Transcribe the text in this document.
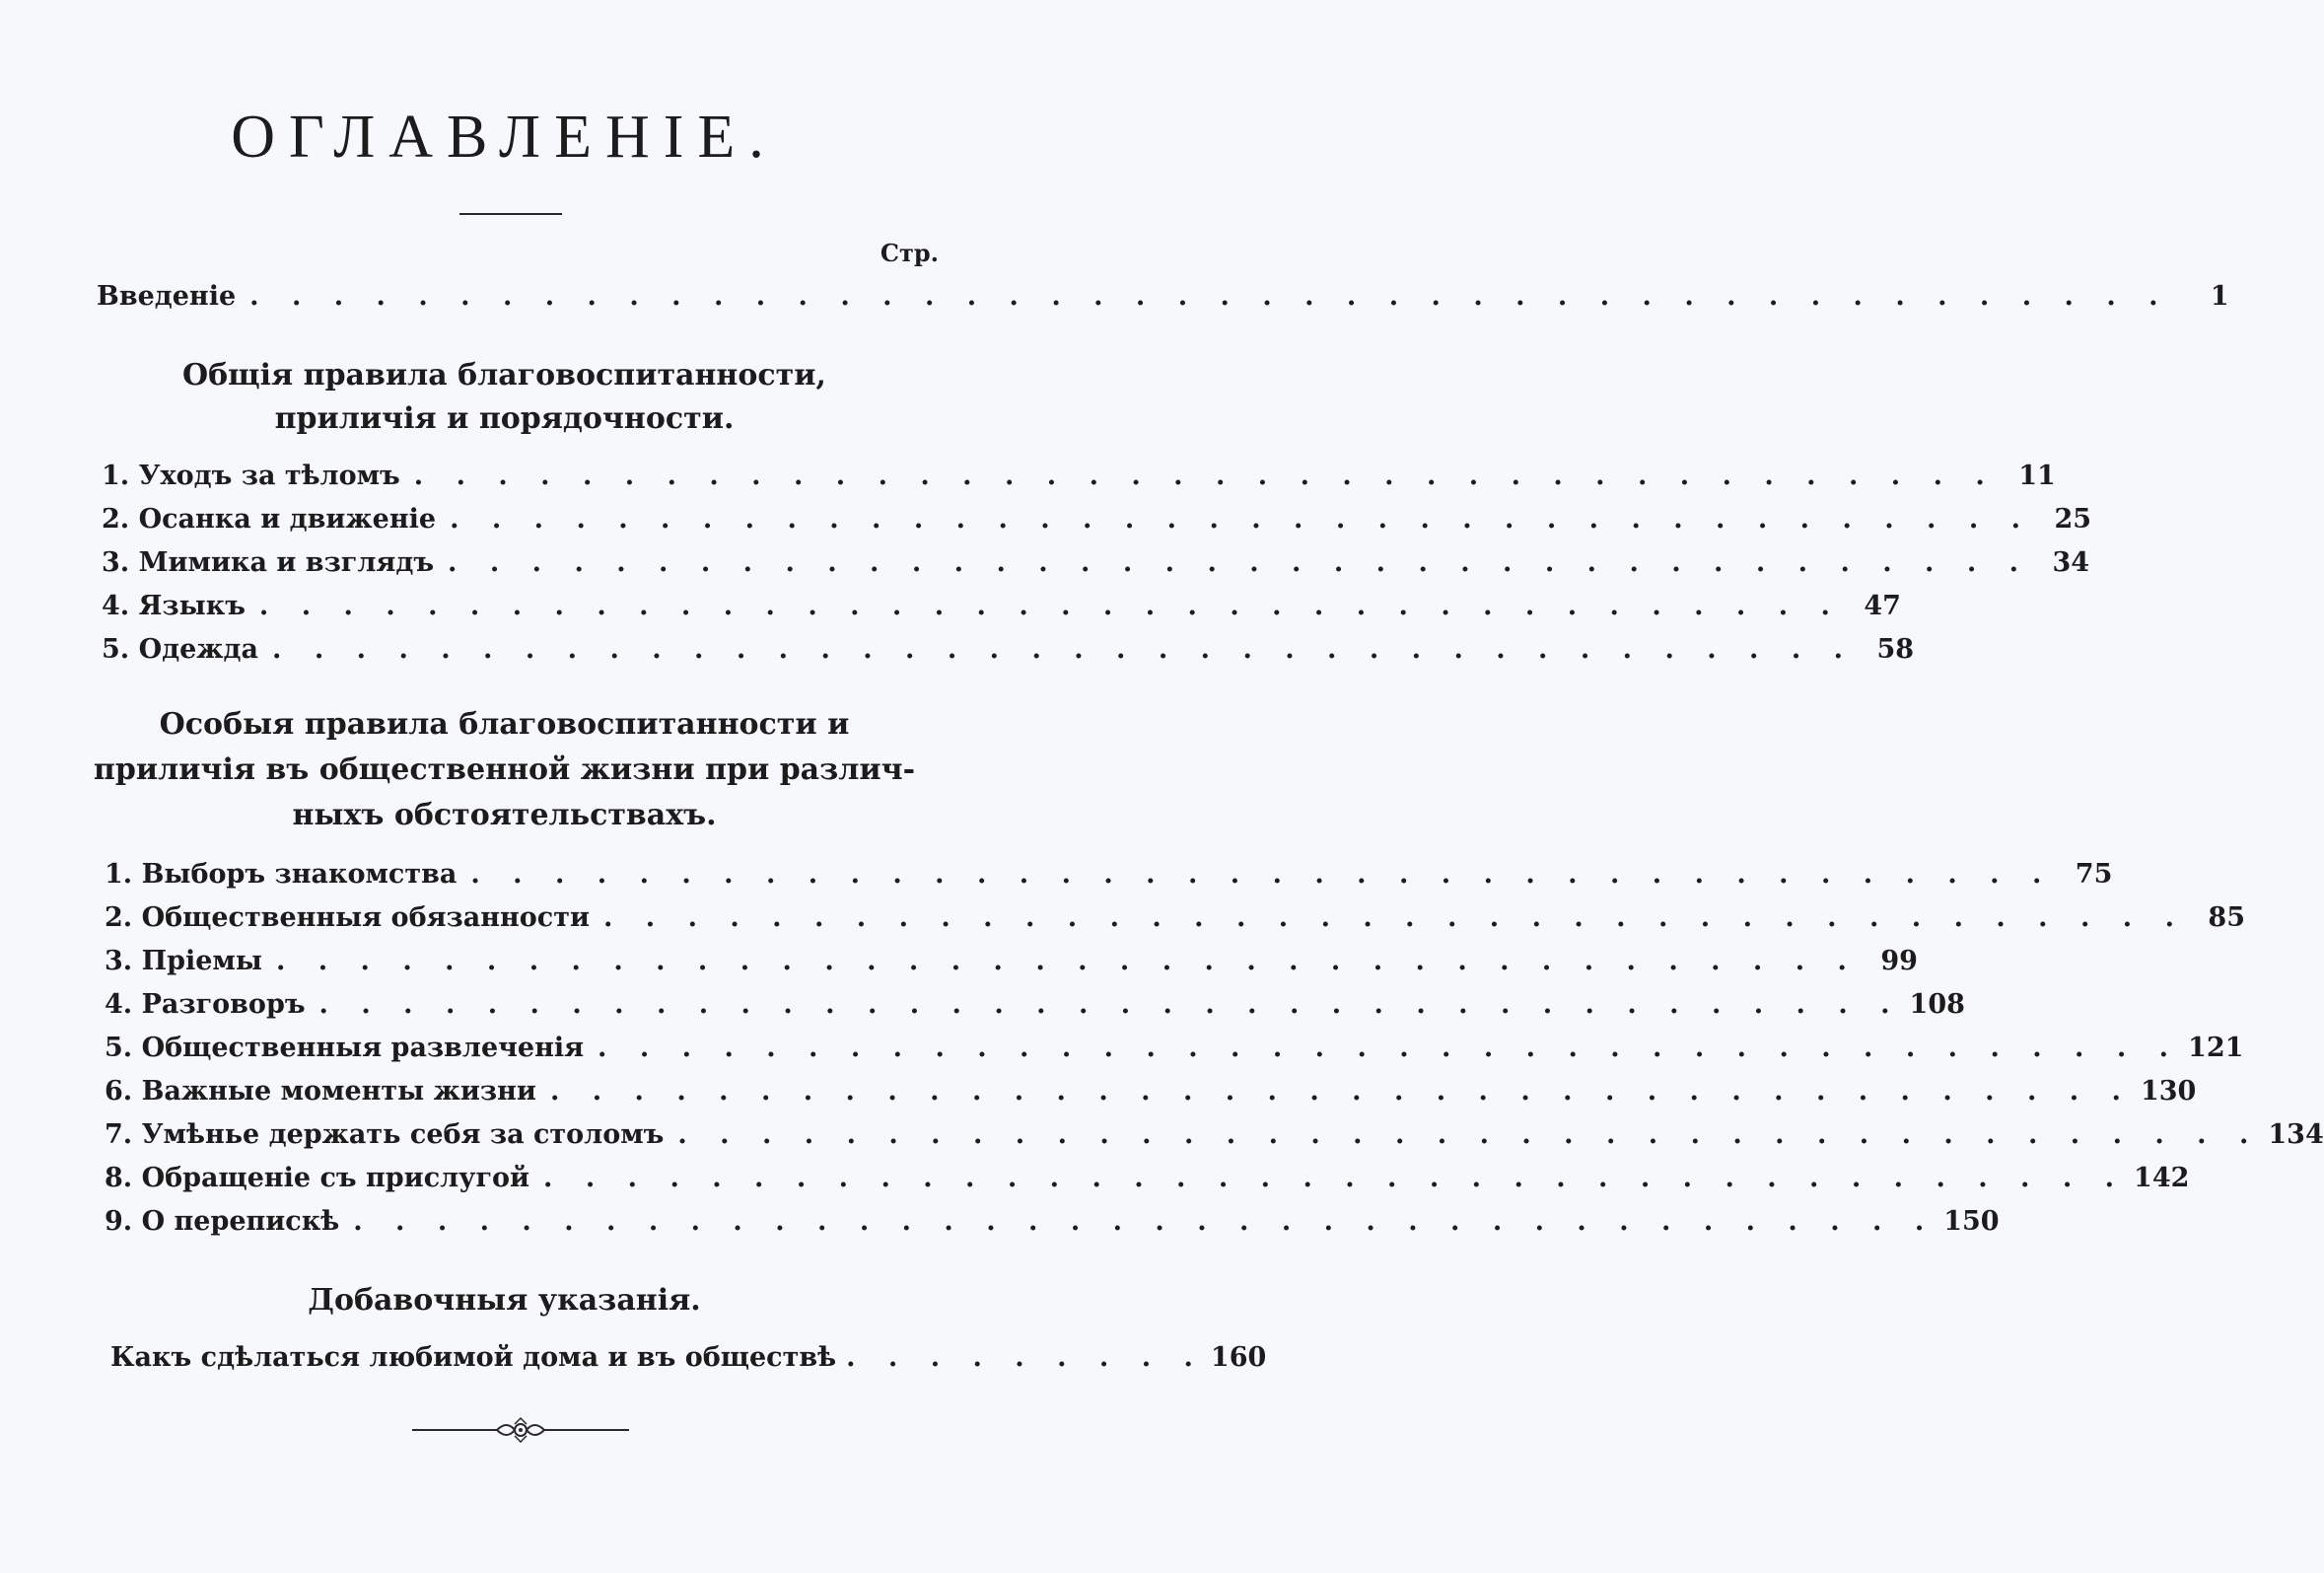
ОГЛАВЛЕНІЕ.
Стр.
Введеніе . . . . . . . . . . . . . . . . . . . . . . . . . . . . . . . . . . . . . . . . . . . . . .	1
Общія правила благовоспитанности,
приличія и порядочности.
1.
Уходъ за тѣломъ . . . . . . . . . . . . . . . . . . . . . . . . . . . . . . . . . . . . . . 11
2.
Осанка и движеніе . . . . . . . . . . . . . . . . . . . . . . . . . . . . . . . . . . . . . . 25
3.
Мимика и взглядъ . . . . . . . . . . . . . . . . . . . . . . . . . . . . . . . . . . . . . . 34
4.
Языкъ . . . . . . . . . . . . . . . . . . . . . . . . . . . . . . . . . . . . . . 47
5.
Одежда . . . . . . . . . . . . . . . . . . . . . . . . . . . . . . . . . . . . . . 58
Особыя правила благовоспитанности и
приличія въ общественной жизни при различ-
ныхъ обстоятельствахъ.
1.
Выборъ знакомства . . . . . . . . . . . . . . . . . . . . . . . . . . . . . . . . . . . . . . 75
2.
Общественныя обязанности . . . . . . . . . . . . . . . . . . . . . . . . . . . . . . . . . . . . . . 85
3.
Пріемы . . . . . . . . . . . . . . . . . . . . . . . . . . . . . . . . . . . . . . 99
4.
Разговоръ . . . . . . . . . . . . . . . . . . . . . . . . . . . . . . . . . . . . . . 108
5.
Общественныя развлеченія . . . . . . . . . . . . . . . . . . . . . . . . . . . . . . . . . . . . . . 121
6.
Важные моменты жизни . . . . . . . . . . . . . . . . . . . . . . . . . . . . . . . . . . . . . . 130
7.
Умѣнье держать себя за столомъ . . . . . . . . . . . . . . . . . . . . . . . . . . . . . . . . . . . . . . 134
8.
Обращеніе съ прислугой . . . . . . . . . . . . . . . . . . . . . . . . . . . . . . . . . . . . . . 142
9.
О перепискѣ . . . . . . . . . . . . . . . . . . . . . . . . . . . . . . . . . . . . . . 150
Добавочныя указанія.
Какъ сдѣлаться любимой дома и въ обществѣ . . . . . . . . . 160
